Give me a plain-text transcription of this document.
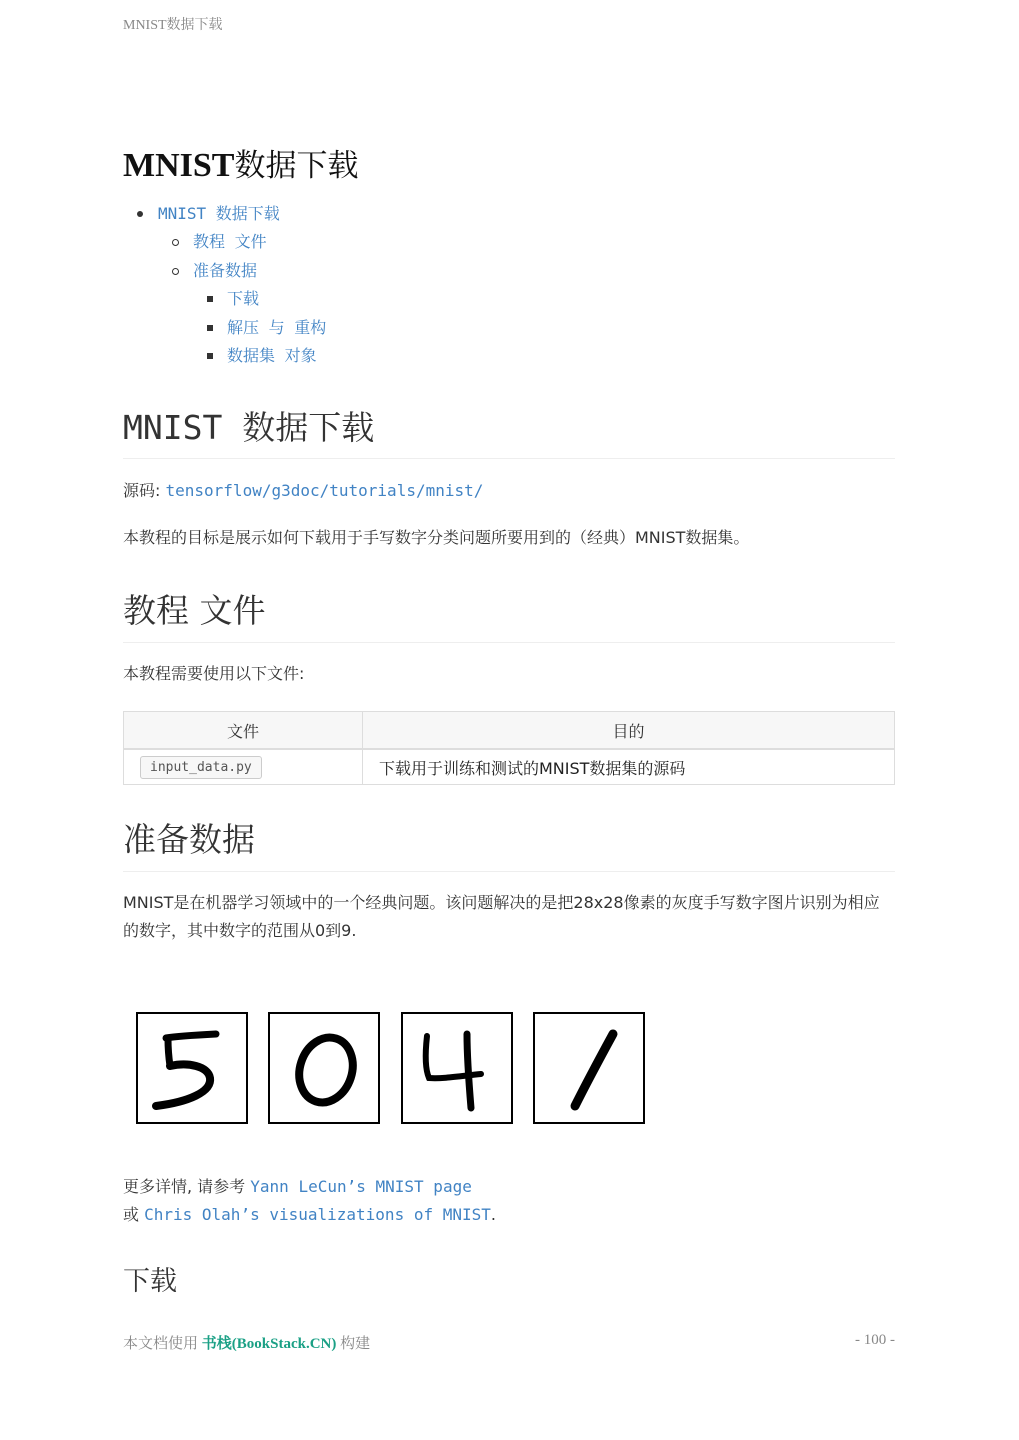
MNIST数据下载
MNIST数据下载
MNIST 数据下载
教程 文件
准备数据
下载
解压 与 重构
数据集 对象
MNIST 数据下载

源码: tensorflow/g3doc/tutorials/mnist/

本教程的目标是展示如何下载用于手写数字分类问题所要用到的（经典）MNIST数据集。

教程 文件

本教程需要使用以下文件:

文件	目的
input_data.py	下载用于训练和测试的MNIST数据集的源码
准备数据

MNIST是在机器学习领域中的一个经典问题。该问题解决的是把28x28像素的灰度手写数字图片识别为相应的数字，其中数字的范围从0到9.

更多详情, 请参考 Yann LeCun’s MNIST page
或 Chris Olah’s visualizations of MNIST.

下载
本文档使用 书栈(BookStack.CN) 构建	- 100 -
